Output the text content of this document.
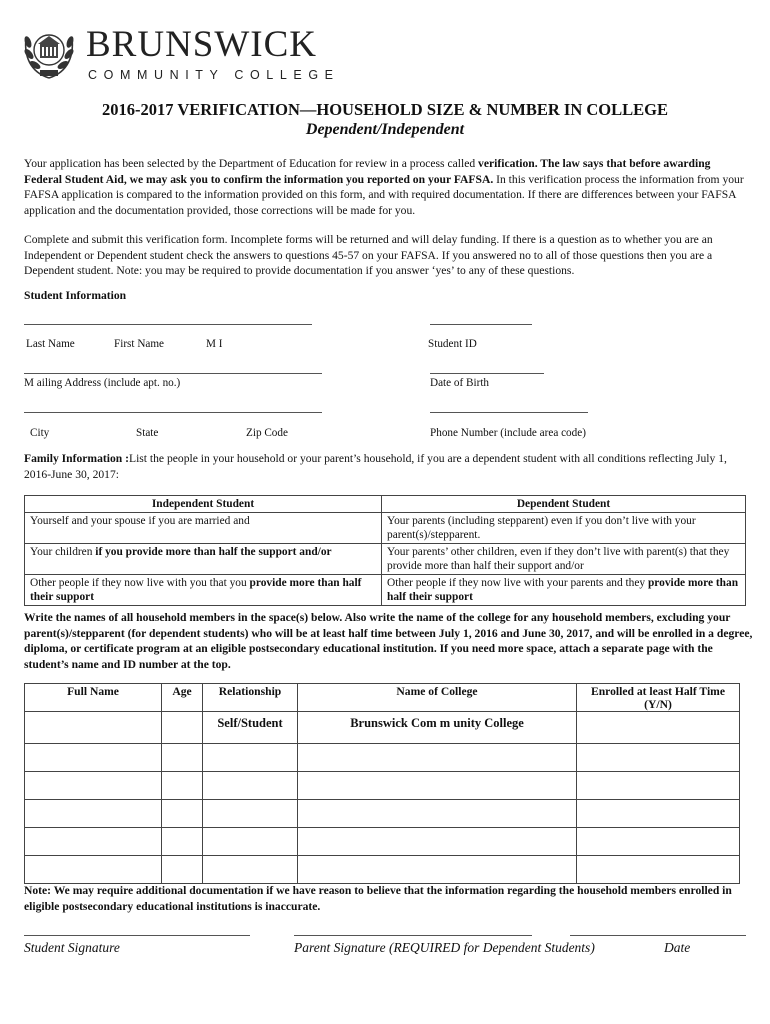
BRUNSWICK
COMMUNITY COLLEGE
2016-2017 VERIFICATION—HOUSEHOLD SIZE & NUMBER IN COLLEGE
Dependent/Independent
Your application has been selected by the Department of Education for review in a process called verification. The law says that before awarding Federal Student Aid, we may ask you to confirm the information you reported on your FAFSA. In this verification process the information from your FAFSA application is compared to the information provided on this form, and with required documentation. If there are differences between your FAFSA application and the documentation provided, those corrections will be made for you.
Complete and submit this verification form. Incomplete forms will be returned and will delay funding. If there is a question as to whether you are an Independent or Dependent student check the answers to questions 45-57 on your FAFSA. If you answered no to all of those questions then you are a Dependent student. Note: you may be required to provide documentation if you answer ‘yes’ to any of these questions.
Student Information
Last Name	First Name	M I	Student ID
M ailing Address (include apt. no.)	Date of Birth
City	State	Zip Code	Phone Number (include area code)
Family Information :List the people in your household or your parent’s household, if you are a dependent student with all conditions reflecting July 1, 2016-June 30, 2017:
Independent Student	Dependent Student
Yourself and your spouse if you are married and	Your parents (including stepparent) even if you don’t live with your parent(s)/stepparent.
Your children if you provide more than half the support and/or	Your parents’ other children, even if they don’t live with parent(s) that they provide more than half their support and/or
Other people if they now live with you that you provide more than half their support	Other people if they now live with your parents and they provide more than half their support
Write the names of all household members in the space(s) below. Also write the name of the college for any household members, excluding your parent(s)/stepparent (for dependent students) who will be at least half time between July 1, 2016 and June 30, 2017, and will be enrolled in a degree, diploma, or certificate program at an eligible postsecondary educational institution. If you need more space, attach a separate page with the student’s name and ID number at the top.
Full Name	Age	Relationship	Name of College	Enrolled at least Half Time (Y/N)
		Self/Student	Brunswick Com m unity College	

Note: We may require additional documentation if we have reason to believe that the information regarding the household members enrolled in eligible postsecondary educational institutions is inaccurate.
Student Signature	Parent Signature (REQUIRED for Dependent Students)	Date
